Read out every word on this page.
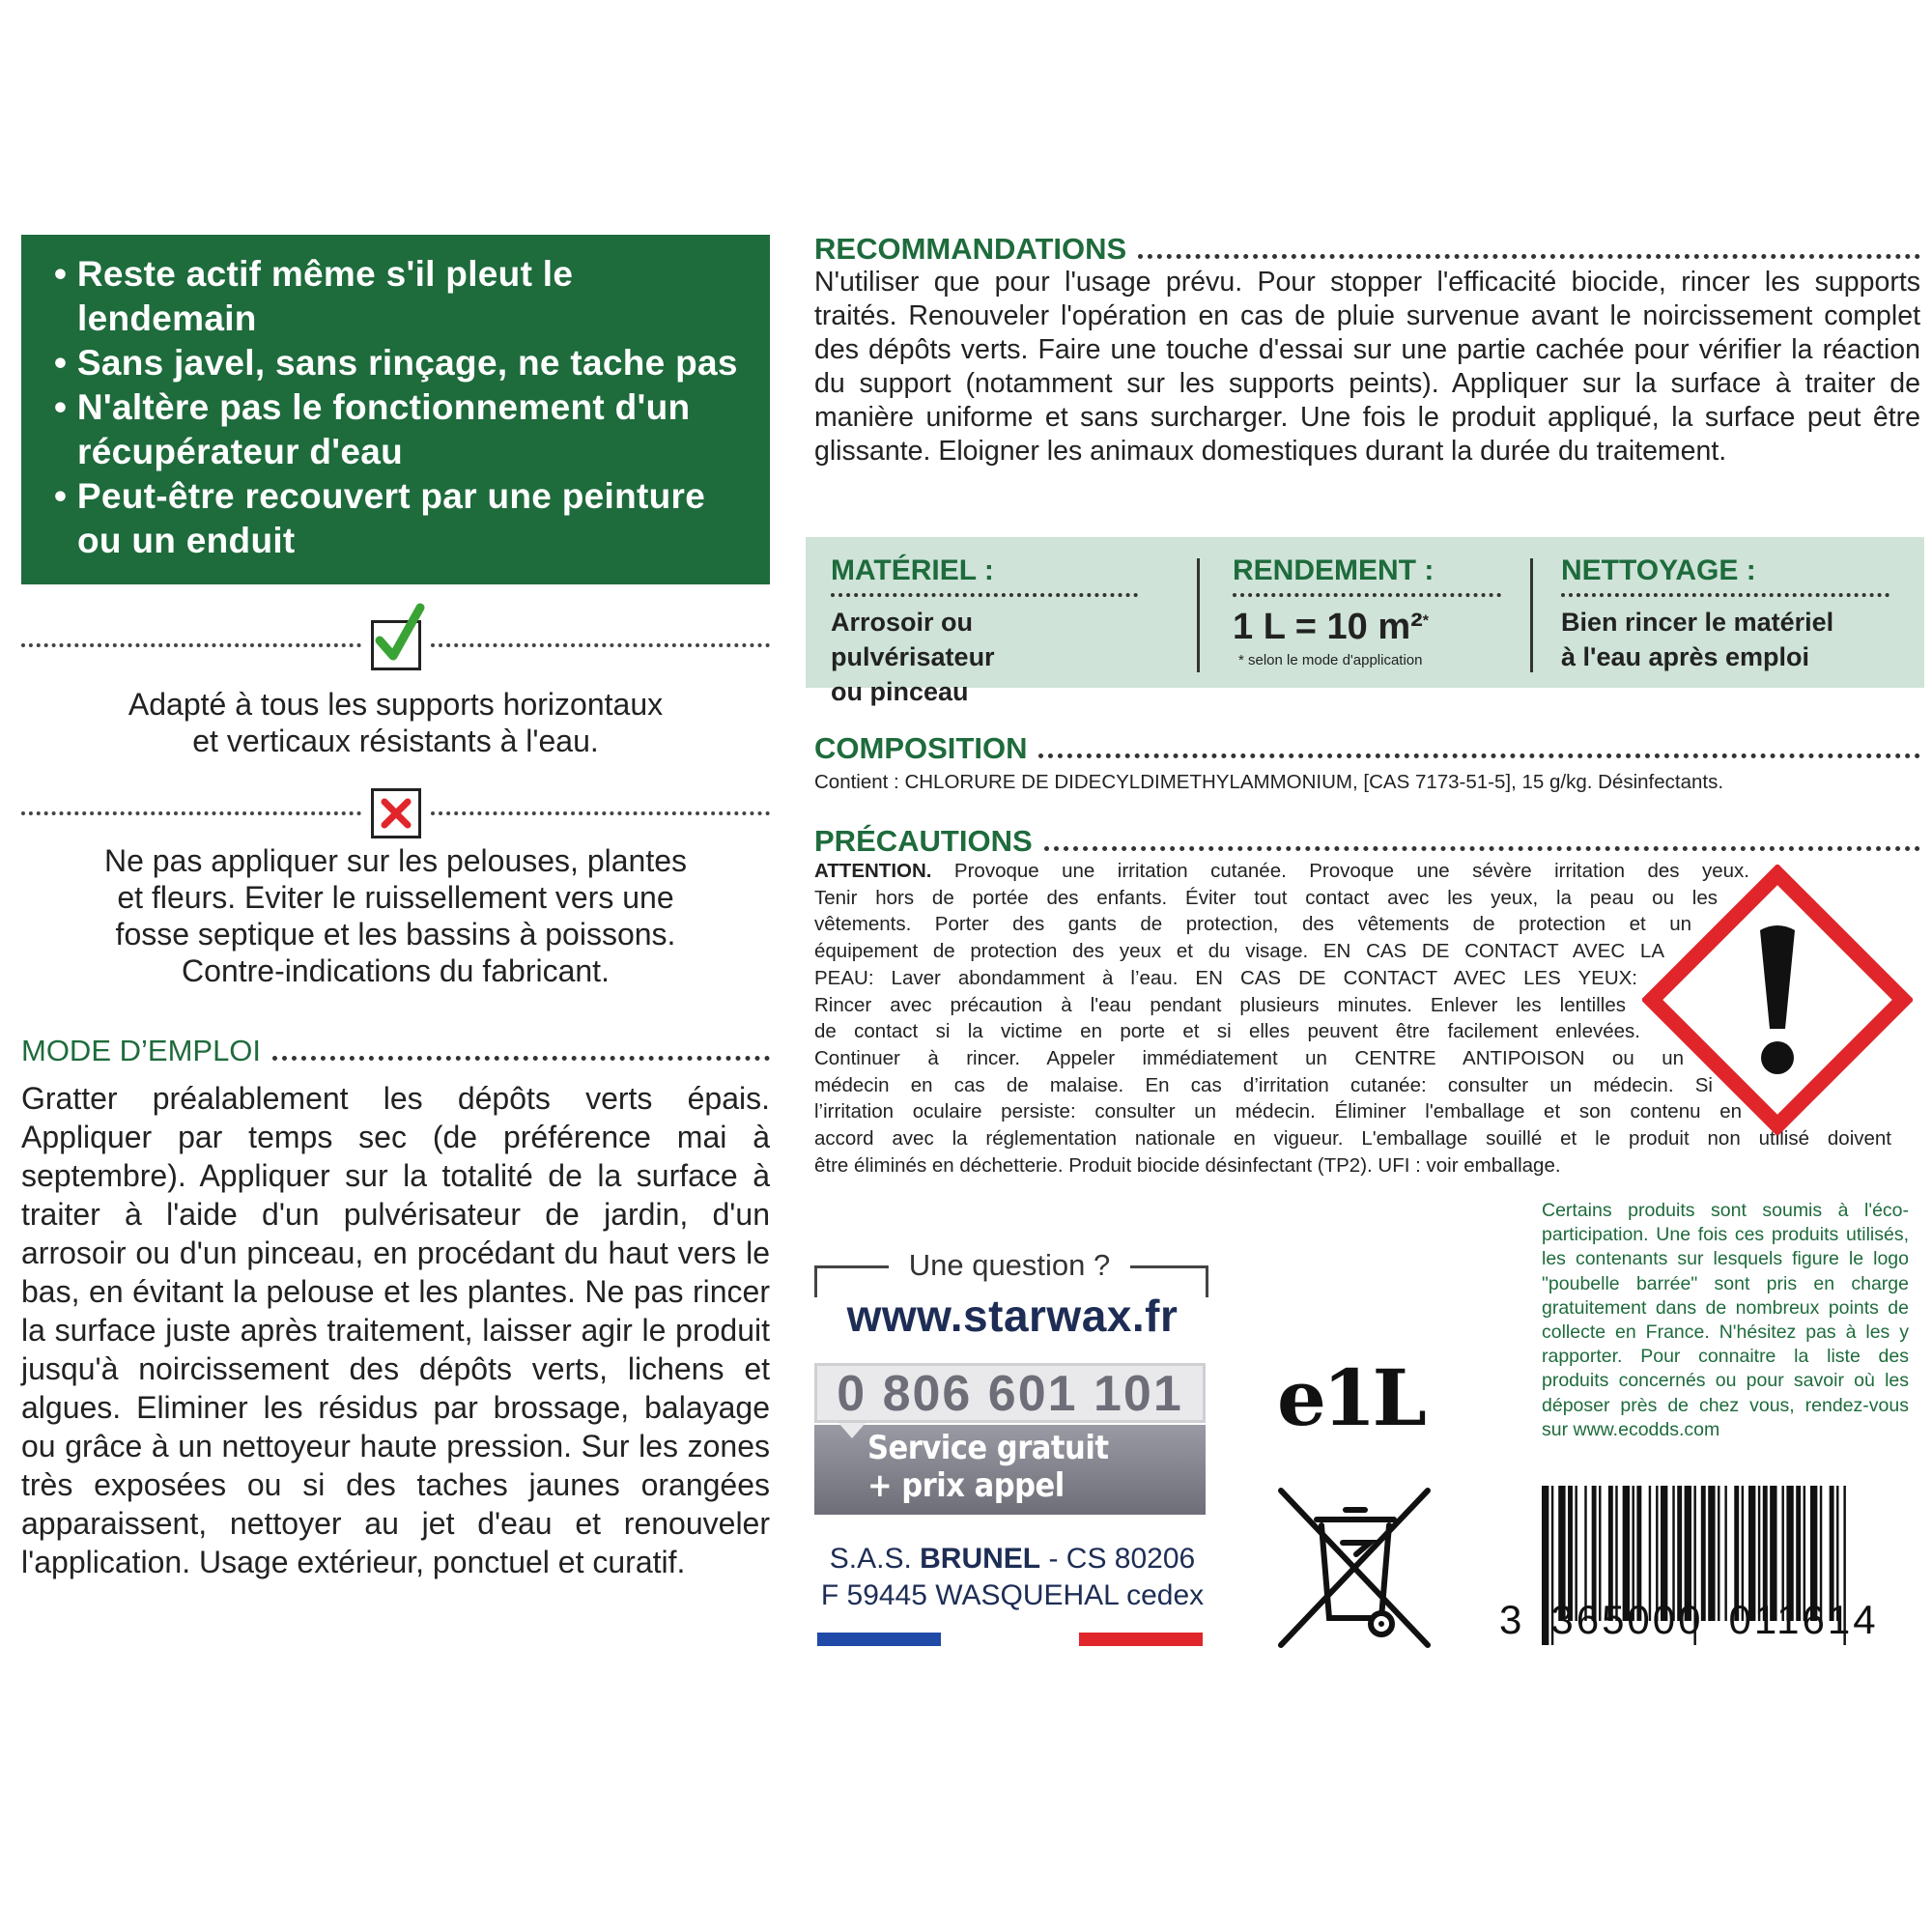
• Reste actif même s'il pleut le lendemain
• Sans javel, sans rinçage, ne tache pas
• N'altère pas le fonctionnement d'un récupérateur d'eau
• Peut-être recouvert par une peinture ou un enduit
Adapté à tous les supports horizontaux
et verticaux résistants à l'eau.
Ne pas appliquer sur les pelouses, plantes
et fleurs. Eviter le ruissellement vers une
fosse septique et les bassins à poissons.
Contre-indications du fabricant.
MODE D’EMPLOI
Gratter préalablement les dépôts verts épais. Appliquer par temps sec (de préférence mai à septembre). Appliquer sur la totalité de la surface à traiter à l'aide d'un pulvérisateur de jardin, d'un arrosoir ou d'un pinceau, en procédant du haut vers le bas, en évitant la pelouse et les plantes. Ne pas rincer la surface juste après traitement, laisser agir le produit jusqu'à noircissement des dépôts verts, lichens et algues. Eliminer les résidus par brossage, balayage ou grâce à un nettoyeur haute pression. Sur les zones très exposées ou si des taches jaunes orangées apparaissent, nettoyer au jet d'eau et renouveler l'application. Usage extérieur, ponctuel et curatif.
RECOMMANDATIONS
N'utiliser que pour l'usage prévu. Pour stopper l'efficacité biocide, rincer les supports traités. Renouveler l'opération en cas de pluie survenue avant le noircissement complet des dépôts verts. Faire une touche d'essai sur une partie cachée pour vérifier la réaction du support (notamment sur les supports peints). Appliquer sur la surface à traiter de manière uniforme et sans surcharger. Une fois le produit appliqué, la surface peut être glissante. Eloigner les animaux domestiques durant la durée du traitement.
MATÉRIEL :
Arrosoir ou pulvérisateur
ou pinceau
RENDEMENT :
1 L = 10 m²*
* selon le mode d'application
NETTOYAGE :
Bien rincer le matériel
à l'eau après emploi
COMPOSITION
Contient : CHLORURE DE DIDECYLDIMETHYLAMMONIUM, [CAS 7173-51-5], 15 g/kg. Désinfectants.
PRÉCAUTIONS
ATTENTION. Provoque une irritation cutanée. Provoque une sévère irritation des yeux.
Tenir hors de portée des enfants. Éviter tout contact avec les yeux, la peau ou les
vêtements. Porter des gants de protection, des vêtements de protection et un
équipement de protection des yeux et du visage. EN CAS DE CONTACT AVEC LA
PEAU: Laver abondamment à l’eau. EN CAS DE CONTACT AVEC LES YEUX:
Rincer avec précaution à l'eau pendant plusieurs minutes. Enlever les lentilles
de contact si la victime en porte et si elles peuvent être facilement enlevées.
Continuer à rincer. Appeler immédiatement un CENTRE ANTIPOISON ou un
médecin en cas de malaise. En cas d’irritation cutanée: consulter un médecin. Si
l’irritation oculaire persiste: consulter un médecin. Éliminer l'emballage et son contenu en
accord avec la réglementation nationale en vigueur. L'emballage souillé et le produit non utilisé doivent
être éliminés en déchetterie. Produit biocide désinfectant (TP2). UFI : voir emballage.
Certains produits sont soumis à l'éco-participation. Une fois ces produits utilisés, les contenants sur lesquels figure le logo "poubelle barrée" sont pris en charge gratuitement dans de nombreux points de collecte en France. N'hésitez pas à les y rapporter. Pour connaitre la liste des produits concernés ou pour savoir où les déposer près de chez vous, rendez-vous sur www.ecodds.com
Une question ?
www.starwax.fr
0 806 601 101
Service gratuit
+ prix appel
S.A.S. BRUNEL - CS 80206
F 59445 WASQUEHAL cedex
e1L
3 365000 011614
